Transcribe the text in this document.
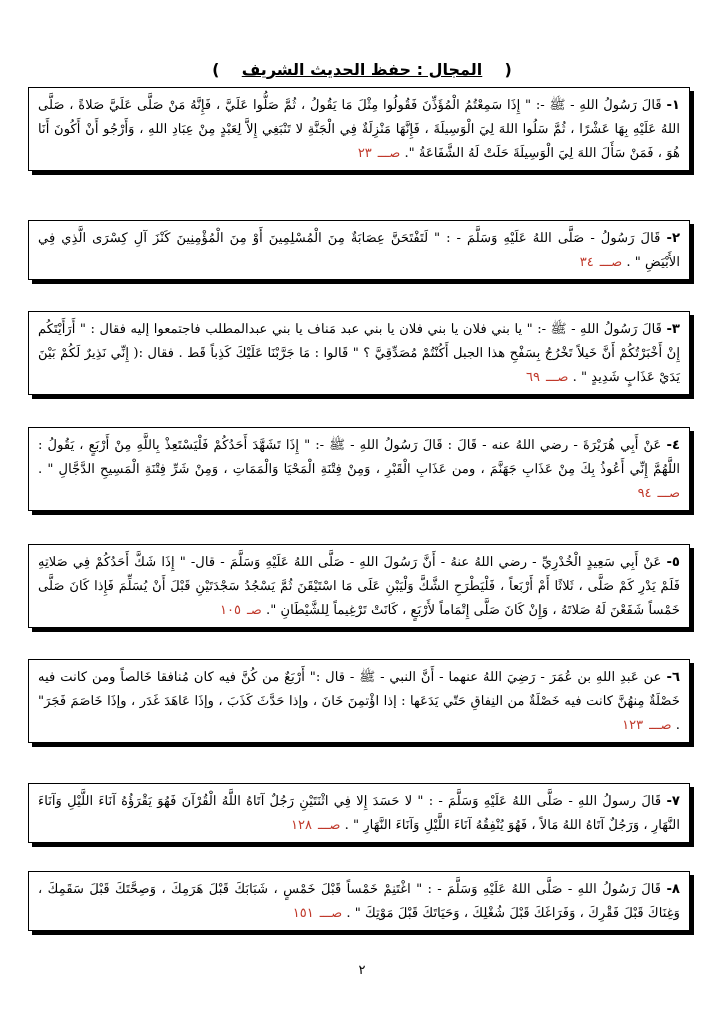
(    المجال : حفظ الحديث الشريف    )
١- قَالَ رَسُولُ اللهِ - ﷺ -: " إِذَا سَمِعْتُمُ الْمُؤَذِّنَ فَقُولُوا مِثْلَ مَا يَقُولُ ، ثُمَّ صَلُّوا عَلَيَّ ، فَإِنَّهُ مَنْ صَلَّى عَلَيَّ صَلاةً ، صَلَّى اللهُ عَلَيْهِ بِهَا عَشْرًا ، ثُمَّ سَلُوا اللهَ لِيَ الْوَسِيلَةَ ، فَإِنَّهَا مَنْزِلَةٌ فِي الْجَنَّةِ لا تَنْبَغِي إِلاَّ لِعَبْدٍ مِنْ عِبَادِ اللهِ ، وَأَرْجُو أَنْ أَكُونَ أَنَا هُوَ ، فَمَنْ سَأَلَ اللهَ لِيَ الْوَسِيلَةَ حَلَتْ لَهُ الشَّفَاعَةُ ". صـــ٢٣
٢- قَالَ رَسُولُ - صَلَّى اللهُ عَلَيْهِ وَسَلَّمَ - : " لَتَفْتَحَنَّ عِصَابَةٌ مِنَ الْمُسْلِمِينَ أَوْ مِنَ الْمُؤْمِنِينَ كَنْزَ آلِ كِسْرَى الَّذِي فِي الأَبْيَضِ " . صـــ٣٤
٣- قَالَ رَسُولُ اللهِ - ﷺ -: " يا بني فلان يا بني فلان يا بني عبد مَناف يا بني عبدالمطلب فاجتمعوا إليه فقال : " أَرَأَيْتَكُم إِنْ أَخْبَرْتُكُمْ أَنَّ خَيلاً تَخْرُجُ بِسَفْحِ هذا الجبل أَكُنْتُمْ مُصَدِّقِيَّ ؟ " قَالوا : مَا جَرَّبْنَا عَلَيْكَ كَذِباً قَط . فقال :( إِنِّي نَذِيرٌ لَكُمْ بَيْنَ يَدَيْ عَذَابٍ شَدِيدٍ " . صـــ٦٩
٤- عَنْ أَبِي هُرَيْرَةَ - رضي اللهُ عنه - قَالَ : قَالَ رَسُولُ اللهِ - ﷺ -: " إِذَا تَشَهَّدَ أَحَدُكُمْ فَلْيَسْتَعِذْ بِاللَّهِ مِنْ أَرْبَعٍ ، يَقُولُ : اللَّهُمَّ إِنِّي أَعُوذُ بِكَ مِنْ عَذَابِ جَهَنَّمَ ، ومن عَذَابِ الْقَبْرِ ، وَمِنْ فِتْنَةِ الْمَحْيَا وَالْمَمَاتِ ، وَمِنْ شَرِّ فِتْنَةِ الْمَسِيحِ الدَّجَّالِ " . صـــ٩٤
٥- عَنْ أَبِي سَعِيدٍ الْخُدْرِيِّ - رضي اللهُ عنهُ - أَنَّ رَسُولَ اللهِ - صَلَّى اللهُ عَلَيْهِ وَسَلَّمَ - قال- " إِذَا شَكَّ أَحَدُكُمْ فِي صَلاتِهِ فَلَمْ يَدْرِ كَمْ صَلَّى ، ثَلاثًا أَمْ أَرْبَعاً ، فَلْيَطْرَحِ الشَّكَّ وَلْيَبْنِ عَلَى مَا اسْتَيْقَنَ ثُمَّ يَسْجُدُ سَجْدَتَيْنِ قَبْلَ أَنْ يُسَلِّمَ فَإِذا كَانَ صَلَّى خَمْساً شَفَعْنَ لَهُ صَلاتَهُ ، وَإِنْ كَانَ صَلَّى إِتْمَاماً لأَرْبَعٍ ، كَانَتْ تَرْغِيماً لِلشَّيْطَانِ ". صـ١٠٥
٦- عن عَبدِ اللهِ بن عُمَرَ - رَضِيَ اللهُ عنهما - أَنَّ النبي - ﷺ - قال :" أَرْبَعٌ من كُنَّ فيه كان مُنافقا خَالصاً ومن كانت فيه خَصْلَةٌ مِنهُنَّ كانت فيه خَصْلَةٌ من النِفاقِ حَتّي يَدَعَها : إذا اؤْتمِنَ خَانَ ، وإذا حَدَّثَ كَذَبَ ، وإذَا عَاهَدَ غَدَر ، وإذَا خَاصَمَ فَجَرَ" . صـــ١٢٣
٧- قَالَ رسولُ اللهِ - صَلَّى اللهُ عَلَيْهِ وَسَلَّمَ - : " لا حَسَدَ إِلا فِي اثْنَتَيْنِ رَجُلٌ آتَاهُ اللَّهُ الْقُرْآنَ فَهُوَ يَقْرَؤُهُ آنَاءَ اللَّيْلِ وَآنَاءَ النَّهَارِ ، وَرَجُلٌ آتَاهُ اللهُ مَالاً ، فَهُوَ يُنْفِقُهُ آنَاءَ اللَّيْلِ وَآنَاءَ النَّهَارِ " . صـــ١٢٨
٨- قَالَ رَسُولُ اللهِ - صَلَّى اللهُ عَلَيْهِ وَسَلَّمَ - : " اغْتَنِمْ خَمْساً قَبْلَ خَمْسٍ ، شَبَابَكَ قَبْلَ هَرَمِكَ ، وَصِحَّتَكَ قَبْلَ سَقَمِكَ ، وَغِنَاكَ قَبْلَ فَقْرِكَ ، وَفَرَاغَكَ قَبْلَ شُغْلِكَ ، وَحَيَاتَكَ قَبْلَ مَوْتِكَ " . صـــ١٥١
٢
